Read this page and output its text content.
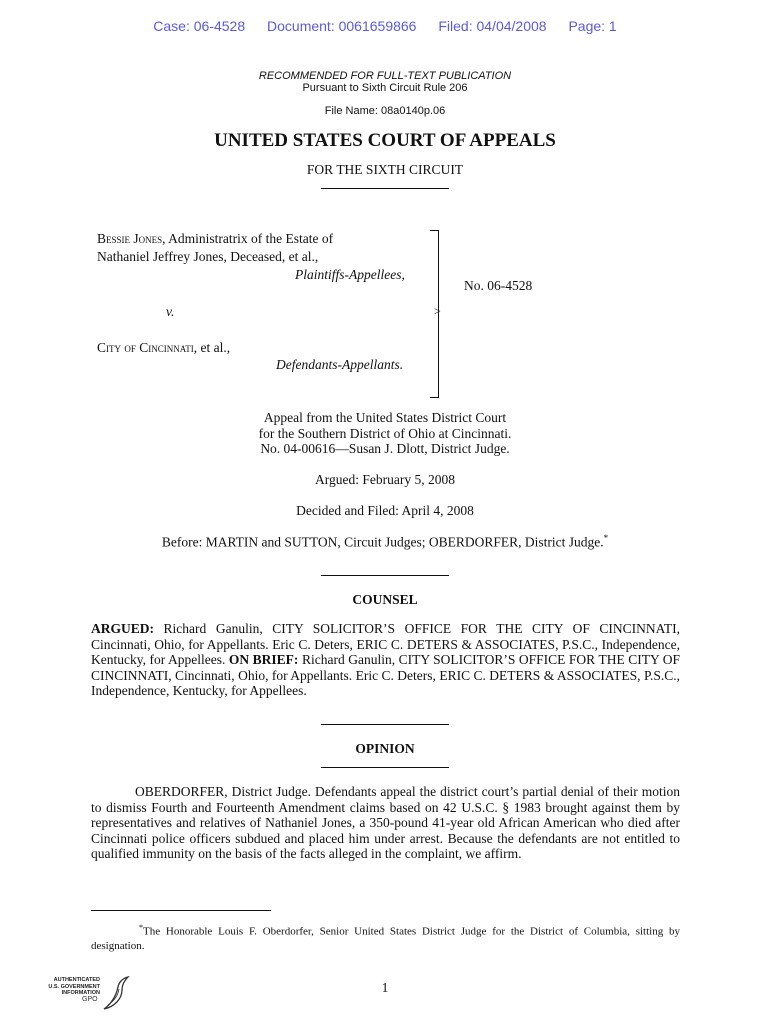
Case: 06-4528 Document: 0061659866 Filed: 04/04/2008 Page: 1
RECOMMENDED FOR FULL-TEXT PUBLICATION
Pursuant to Sixth Circuit Rule 206
File Name: 08a0140p.06
UNITED STATES COURT OF APPEALS
FOR THE SIXTH CIRCUIT
Bessie Jones, Administratrix of the Estate of
Nathaniel Jeffrey Jones, Deceased, et al.,
Plaintiffs-Appellees,
v.
City of Cincinnati, et al.,
Defendants-Appellants.
>
No. 06-4528
Appeal from the United States District Court
for the Southern District of Ohio at Cincinnati.
No. 04-00616—Susan J. Dlott, District Judge.
Argued: February 5, 2008
Decided and Filed: April 4, 2008
Before: MARTIN and SUTTON, Circuit Judges; OBERDORFER, District Judge.*
COUNSEL
ARGUED: Richard Ganulin, CITY SOLICITOR’S OFFICE FOR THE CITY OF CINCINNATI, Cincinnati, Ohio, for Appellants. Eric C. Deters, ERIC C. DETERS & ASSOCIATES, P.S.C., Independence, Kentucky, for Appellees. ON BRIEF: Richard Ganulin, CITY SOLICITOR’S OFFICE FOR THE CITY OF CINCINNATI, Cincinnati, Ohio, for Appellants. Eric C. Deters, ERIC C. DETERS & ASSOCIATES, P.S.C., Independence, Kentucky, for Appellees.
OPINION
OBERDORFER, District Judge. Defendants appeal the district court’s partial denial of their motion to dismiss Fourth and Fourteenth Amendment claims based on 42 U.S.C. § 1983 brought against them by representatives and relatives of Nathaniel Jones, a 350-pound 41-year old African American who died after Cincinnati police officers subdued and placed him under arrest. Because the defendants are not entitled to qualified immunity on the basis of the facts alleged in the complaint, we affirm.
*The Honorable Louis F. Oberdorfer, Senior United States District Judge for the District of Columbia, sitting by designation.
AUTHENTICATED
U.S. GOVERNMENT
INFORMATION
GPO
1
